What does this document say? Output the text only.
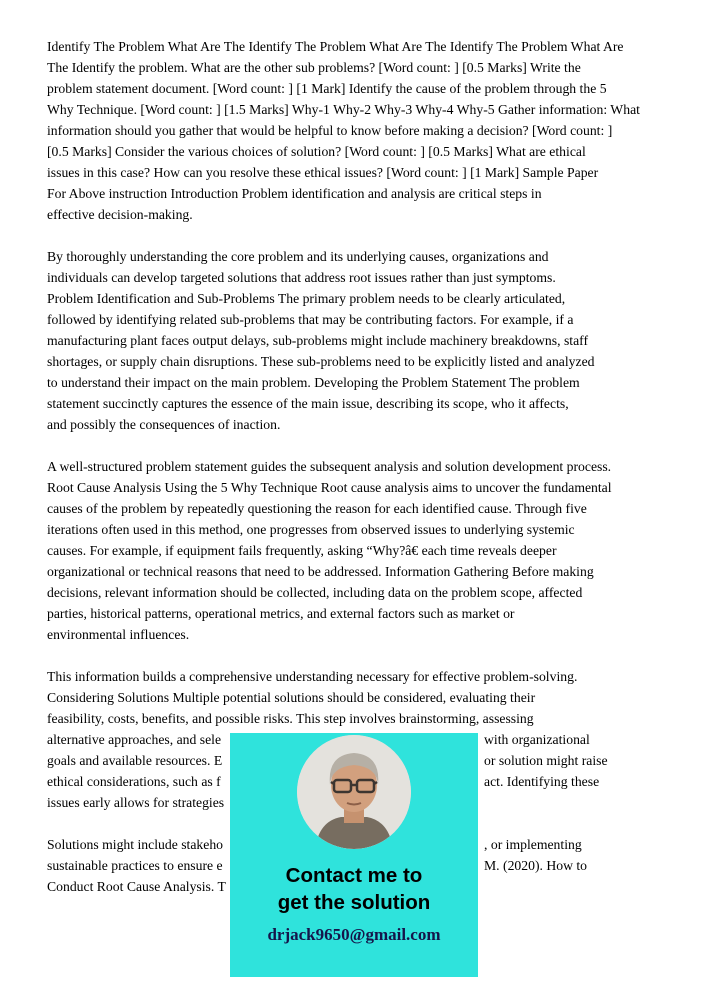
Identify The Problem What Are The Identify The Problem What Are The Identify The Problem What Are
The Identify the problem. What are the other sub problems? [Word count: ] [0.5 Marks] Write the
problem statement document. [Word count: ] [1 Mark] Identify the cause of the problem through the 5
Why Technique. [Word count: ] [1.5 Marks] Why-1 Why-2 Why-3 Why-4 Why-5 Gather information: What
information should you gather that would be helpful to know before making a decision? [Word count: ]
[0.5 Marks] Consider the various choices of solution? [Word count: ] [0.5 Marks] What are ethical
issues in this case? How can you resolve these ethical issues? [Word count: ] [1 Mark] Sample Paper
For Above instruction Introduction Problem identification and analysis are critical steps in
effective decision-making.
By thoroughly understanding the core problem and its underlying causes, organizations and
individuals can develop targeted solutions that address root issues rather than just symptoms.
Problem Identification and Sub-Problems The primary problem needs to be clearly articulated,
followed by identifying related sub-problems that may be contributing factors. For example, if a
manufacturing plant faces output delays, sub-problems might include machinery breakdowns, staff
shortages, or supply chain disruptions. These sub-problems need to be explicitly listed and analyzed
to understand their impact on the main problem. Developing the Problem Statement The problem
statement succinctly captures the essence of the main issue, describing its scope, who it affects,
and possibly the consequences of inaction.
A well-structured problem statement guides the subsequent analysis and solution development process.
Root Cause Analysis Using the 5 Why Technique Root cause analysis aims to uncover the fundamental
causes of the problem by repeatedly questioning the reason for each identified cause. Through five
iterations often used in this method, one progresses from observed issues to underlying systemic
causes. For example, if equipment fails frequently, asking “Why?â€ each time reveals deeper
organizational or technical reasons that need to be addressed. Information Gathering Before making
decisions, relevant information should be collected, including data on the problem scope, affected
parties, historical patterns, operational metrics, and external factors such as market or
environmental influences.
This information builds a comprehensive understanding necessary for effective problem-solving.
Considering Solutions Multiple potential solutions should be considered, evaluating their
feasibility, costs, benefits, and possible risks. This step involves brainstorming, assessing
alternative approaches, and sele	with organizational
goals and available resources. E	or solution might raise
ethical considerations, such as f	act. Identifying these
issues early allows for strategies
Solutions might include stakeho	, or implementing
sustainable practices to ensure e	M. (2020). How to
Conduct Root Cause Analysis. T	Contact me to
get the solution
drjack9650@gmail.com
